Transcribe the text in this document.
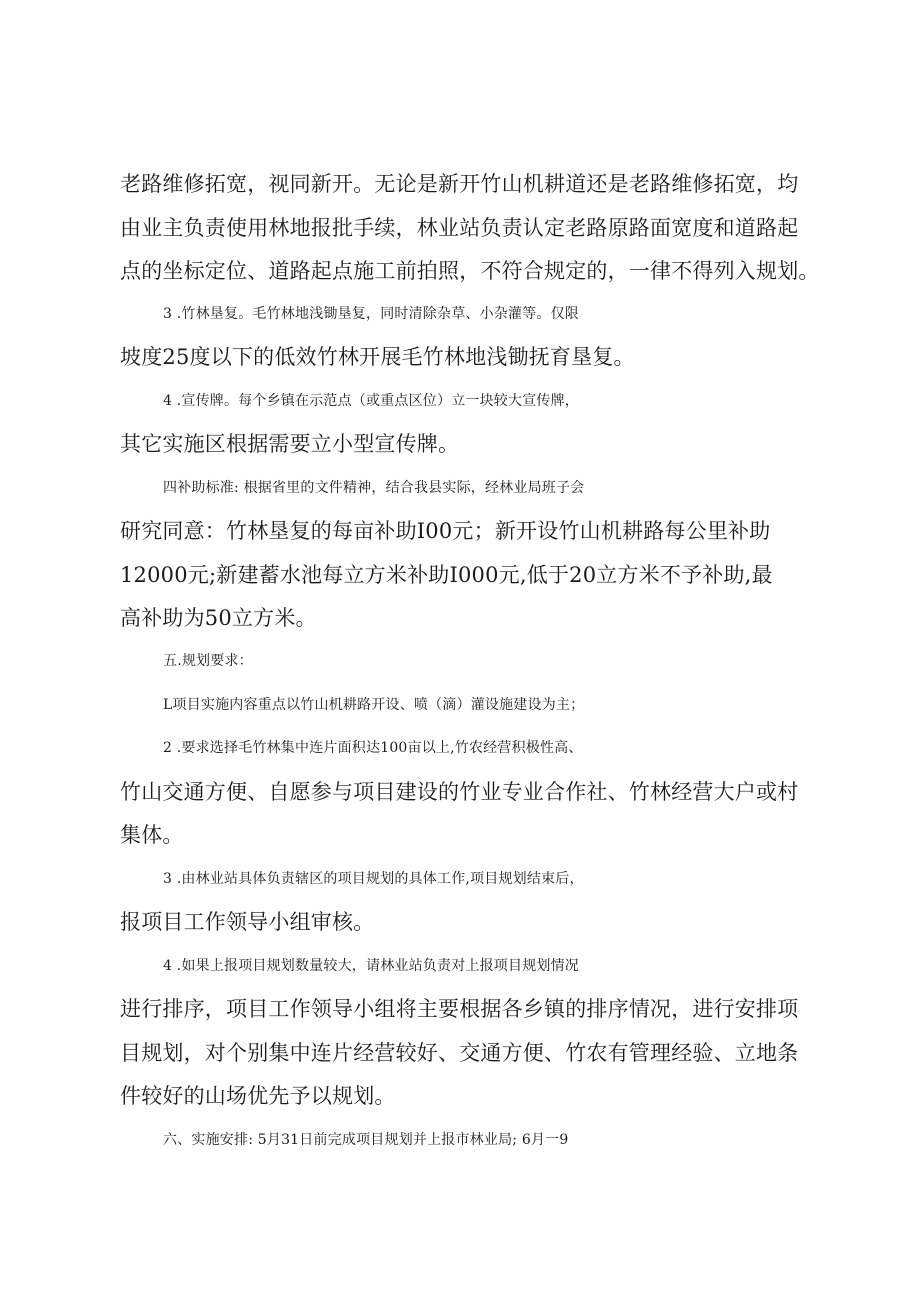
老路维修拓宽，视同新开。无论是新开竹山机耕道还是老路维修拓宽，均
由业主负责使用林地报批手续，林业站负责认定老路原路面宽度和道路起
点的坐标定位、道路起点施工前拍照，不符合规定的，一律不得列入规划。
3 .竹林垦复。毛竹林地浅锄垦复，同时清除杂草、小杂灌等。仅限
坡度25度以下的低效竹林开展毛竹林地浅锄抚育垦复。
4 .宣传牌。每个乡镇在示范点（或重点区位）立一块较大宣传牌，
其它实施区根据需要立小型宣传牌。
四补助标准: 根据省里的文件精神，结合我县实际，经林业局班子会
研究同意：竹林垦复的每亩补助I00元；新开设竹山机耕路每公里补助
12000元;新建蓄水池每立方米补助I000元,低于20立方米不予补助,最
高补助为50立方米。
五.规划要求：
L项目实施内容重点以竹山机耕路开设、喷（滴）灌设施建设为主；
2 .要求选择毛竹林集中连片面积达100亩以上,竹农经营积极性高、
竹山交通方便、自愿参与项目建设的竹业专业合作社、竹林经营大户或村
集体。
3 .由林业站具体负责辖区的项目规划的具体工作,项目规划结束后，
报项目工作领导小组审核。
4 .如果上报项目规划数量较大，请林业站负责对上报项目规划情况
进行排序，项目工作领导小组将主要根据各乡镇的排序情况，进行安排项
目规划，对个别集中连片经营较好、交通方便、竹农有管理经验、立地条
件较好的山场优先予以规划。
六、实施安排: 5月31日前完成项目规划并上报市林业局; 6月一9
